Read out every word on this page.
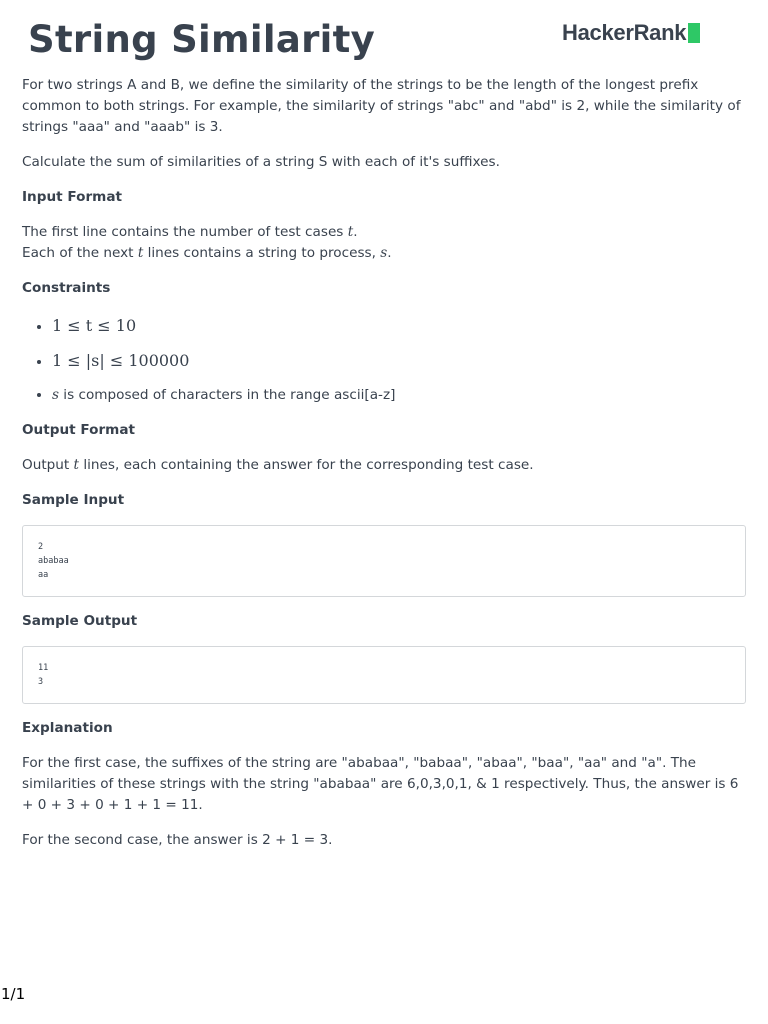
String Similarity	HackerRank

For two strings A and B, we define the similarity of the strings to be the length of the longest prefix common to both strings. For example, the similarity of strings "abc" and "abd" is 2, while the similarity of strings "aaa" and "aaab" is 3.

Calculate the sum of similarities of a string S with each of it's suffixes.

Input Format

The first line contains the number of test cases t.
Each of the next t lines contains a string to process, s.

Constraints
• 1 ≤ t ≤ 10
• 1 ≤ |s| ≤ 100000
• s is composed of characters in the range ascii[a-z]
Output Format

Output t lines, each containing the answer for the corresponding test case.

Sample Input
2
ababaa
aa
Sample Output
11
3
Explanation

For the first case, the suffixes of the string are "ababaa", "babaa", "abaa", "baa", "aa" and "a". The similarities of these strings with the string "ababaa" are 6,0,3,0,1, & 1 respectively. Thus, the answer is 6 + 0 + 3 + 0 + 1 + 1 = 11.

For the second case, the answer is 2 + 1 = 3.

1/1
